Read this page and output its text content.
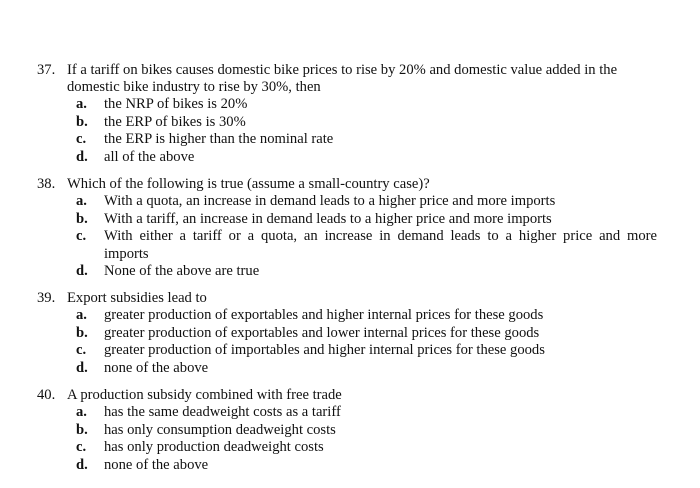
37. If a tariff on bikes causes domestic bike prices to rise by 20% and domestic value added in the domestic bike industry to rise by 30%, then
a.	the NRP of bikes is 20%
b.	the ERP of bikes is 30%
c.	the ERP is higher than the nominal rate
d.	all of the above
38. Which of the following is true (assume a small-country case)?
a.	With a quota, an increase in demand leads to a higher price and more imports
b.	With a tariff, an increase in demand leads to a higher price and more imports
c.	With either a tariff or a quota, an increase in demand leads to a higher price and more imports
d.	None of the above are true
39. Export subsidies lead to
a.	greater production of exportables and higher internal prices for these goods
b.	greater production of exportables and lower internal prices for these goods
c.	greater production of importables and higher internal prices for these goods
d.	none of the above
40. A production subsidy combined with free trade
a.	has the same deadweight costs as a tariff
b.	has only consumption deadweight costs
c.	has only production deadweight costs
d.	none of the above
